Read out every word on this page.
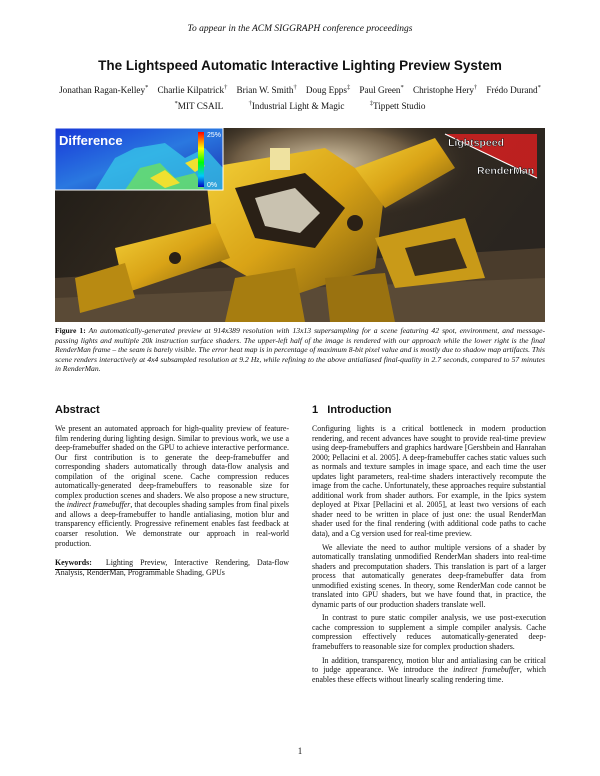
To appear in the ACM SIGGRAPH conference proceedings
The Lightspeed Automatic Interactive Lighting Preview System
Jonathan Ragan-Kelley* Charlie Kilpatrick† Brian W. Smith† Doug Epps‡ Paul Green* Christophe Hery† Frédo Durand*
*MIT CSAIL	†Industrial Light & Magic	‡Tippett Studio
Difference	25%
0%
Lightspeed
RenderMan
Figure 1: An automatically-generated preview at 914x389 resolution with 13x13 supersampling for a scene featuring 42 spot, environment, and message-passing lights and multiple 20k instruction surface shaders. The upper-left half of the image is rendered with our approach while the lower right is the final RenderMan frame – the seam is barely visible. The error heat map is in percentage of maximum 8-bit pixel value and is mostly due to shadow map artifacts. This scene renders interactively at 4x4 subsampled resolution at 9.2 Hz, while refining to the above antialiased final-quality in 2.7 seconds, compared to 57 minutes in RenderMan.
Abstract

We present an automated approach for high-quality preview of feature-film rendering during lighting design. Similar to previous work, we use a deep-framebuffer shaded on the GPU to achieve interactive performance. Our first contribution is to generate the deep-framebuffer and corresponding shaders automatically through data-flow analysis and compilation of the original scene. Cache compression reduces automatically-generated deep-framebuffers to reasonable size for complex production scenes and shaders. We also propose a new structure, the indirect framebuffer, that decouples shading samples from final pixels and allows a deep-framebuffer to handle antialiasing, motion blur and transparency efficiently. Progressive refinement enables fast feedback at coarser resolution. We demonstrate our approach in real-world production.

Keywords: Lighting Preview, Interactive Rendering, Data-flow Analysis, RenderMan, Programmable Shading, GPUs

1 Introduction

Configuring lights is a critical bottleneck in modern production rendering, and recent advances have sought to provide real-time preview using deep-framebuffers and graphics hardware [Gershbein and Hanrahan 2000; Pellacini et al. 2005]. A deep-framebuffer caches static values such as normals and texture samples in image space, and each time the user updates light parameters, real-time shaders interactively recompute the image from the cache. Unfortunately, these approaches require substantial additional work from shader authors. For example, in the Ipics system deployed at Pixar [Pellacini et al. 2005], at least two versions of each shader need to be written in place of just one: the usual RenderMan shader used for the final rendering (with additional code paths to cache data), and a Cg version used for real-time preview.

We alleviate the need to author multiple versions of a shader by automatically translating unmodified RenderMan shaders into real-time shaders and precomputation shaders. This translation is part of a larger process that automatically generates deep-framebuffer data from unmodified existing scenes. In theory, some RenderMan code cannot be translated into GPU shaders, but we have found that, in practice, the dynamic parts of our production shaders translate well.

In contrast to pure static compiler analysis, we use post-execution cache compression to supplement a simple compiler analysis. Cache compression effectively reduces automatically-generated deep-framebuffers to reasonable size for complex production shaders.

In addition, transparency, motion blur and antialiasing can be critical to judge appearance. We introduce the indirect framebuffer, which enables these effects without linearly scaling rendering time.

1
